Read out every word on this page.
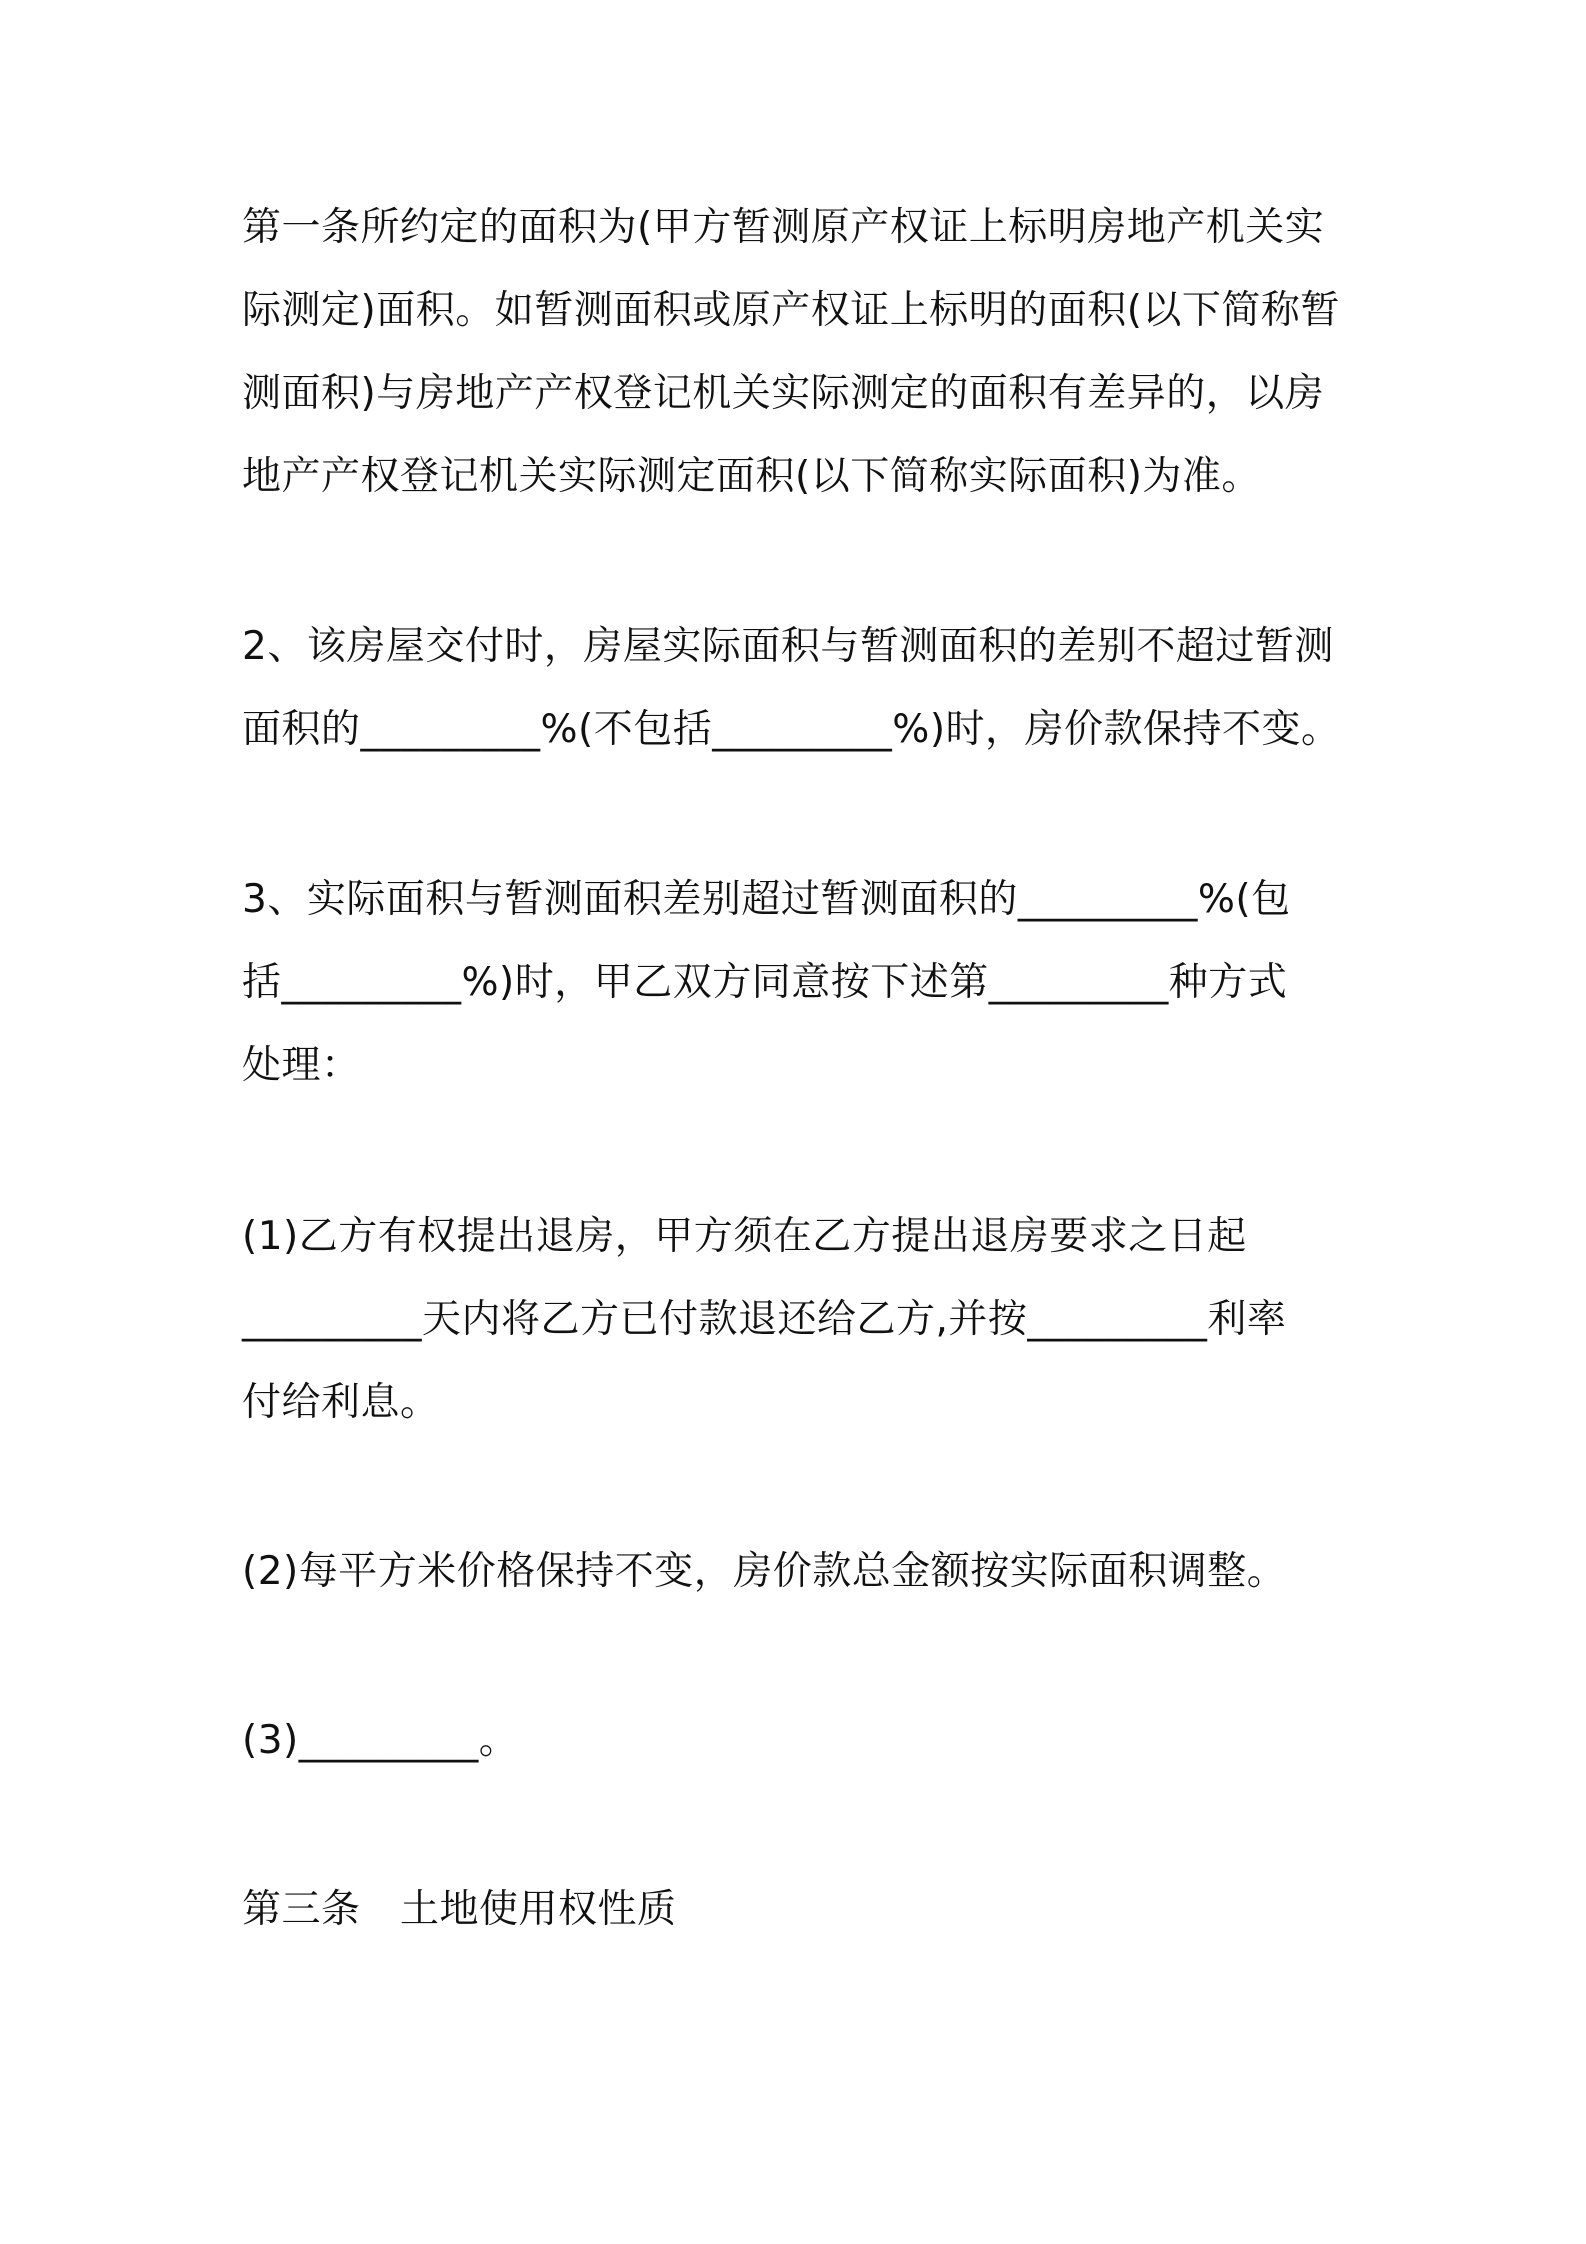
第一条所约定的面积为(甲方暂测原产权证上标明房地产机关实
际测定)面积。如暂测面积或原产权证上标明的面积(以下简称暂
测面积)与房地产产权登记机关实际测定的面积有差异的，以房
地产产权登记机关实际测定面积(以下简称实际面积)为准。
2、该房屋交付时，房屋实际面积与暂测面积的差别不超过暂测
面积的_________%(不包括_________%)时，房价款保持不变。
3、实际面积与暂测面积差别超过暂测面积的_________%(包
括_________%)时，甲乙双方同意按下述第_________种方式
处理：
(1)乙方有权提出退房，甲方须在乙方提出退房要求之日起
_________天内将乙方已付款退还给乙方,并按_________利率
付给利息。
(2)每平方米价格保持不变，房价款总金额按实际面积调整。
(3)_________。
第三条　土地使用权性质
